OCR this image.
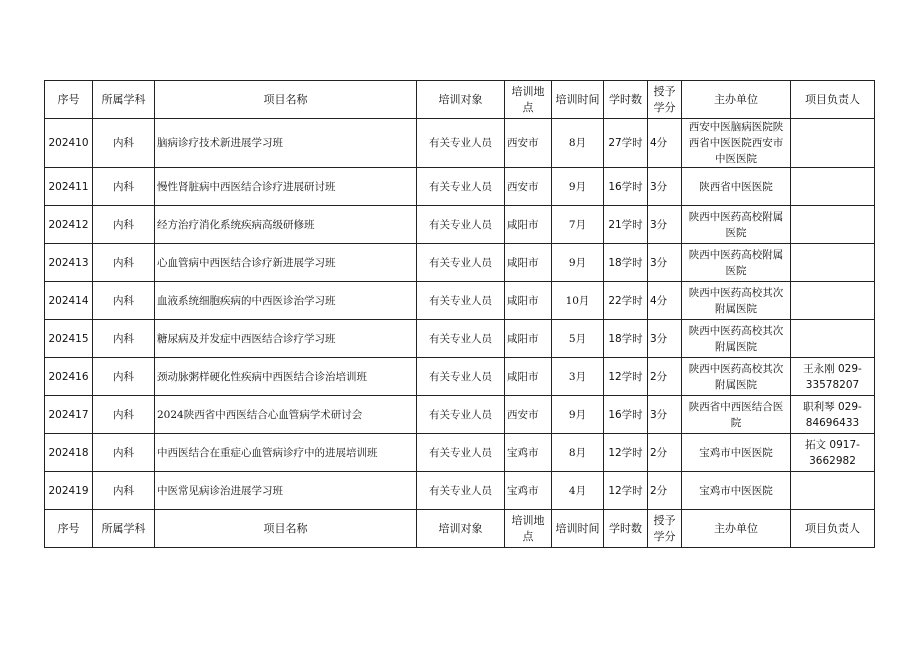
序号	所属学科	项目名称	培训对象	培训地点	培训时间	学时数	授予学分	主办单位	项目负责人
202410	内科	脑病诊疗技术新进展学习班	有关专业人员	西安市	8月	27学时	4分	西安中医脑病医院陕西省中医医院西安市中医医院	
202411	内科	慢性肾脏病中西医结合诊疗进展研讨班	有关专业人员	西安市	9月	16学时	3分	陕西省中医医院	
202412	内科	经方治疗消化系统疾病高级研修班	有关专业人员	咸阳市	7月	21学时	3分	陕西中医药高校附属医院	
202413	内科	心血管病中西医结合诊疗新进展学习班	有关专业人员	咸阳市	9月	18学时	3分	陕西中医药高校附属医院	
202414	内科	血液系统细胞疾病的中西医诊治学习班	有关专业人员	咸阳市	10月	22学时	4分	陕西中医药高校其次附属医院	
202415	内科	糖尿病及并发症中西医结合诊疗学习班	有关专业人员	咸阳市	5月	18学时	3分	陕西中医药高校其次附属医院	
202416	内科	颈动脉粥样硬化性疾病中西医结合诊治培训班	有关专业人员	咸阳市	3月	12学时	2分	陕西中医药高校其次附属医院	王永刚 029-33578207
202417	内科	2024陕西省中西医结合心血管病学术研讨会	有关专业人员	西安市	9月	16学时	3分	陕西省中西医结合医院	职利琴 029-84696433
202418	内科	中西医结合在重症心血管病诊疗中的进展培训班	有关专业人员	宝鸡市	8月	12学时	2分	宝鸡市中医医院	拓文 0917-3662982
202419	内科	中医常见病诊治进展学习班	有关专业人员	宝鸡市	4月	12学时	2分	宝鸡市中医医院	
序号	所属学科	项目名称	培训对象	培训地点	培训时间	学时数	授予学分	主办单位	项目负责人
